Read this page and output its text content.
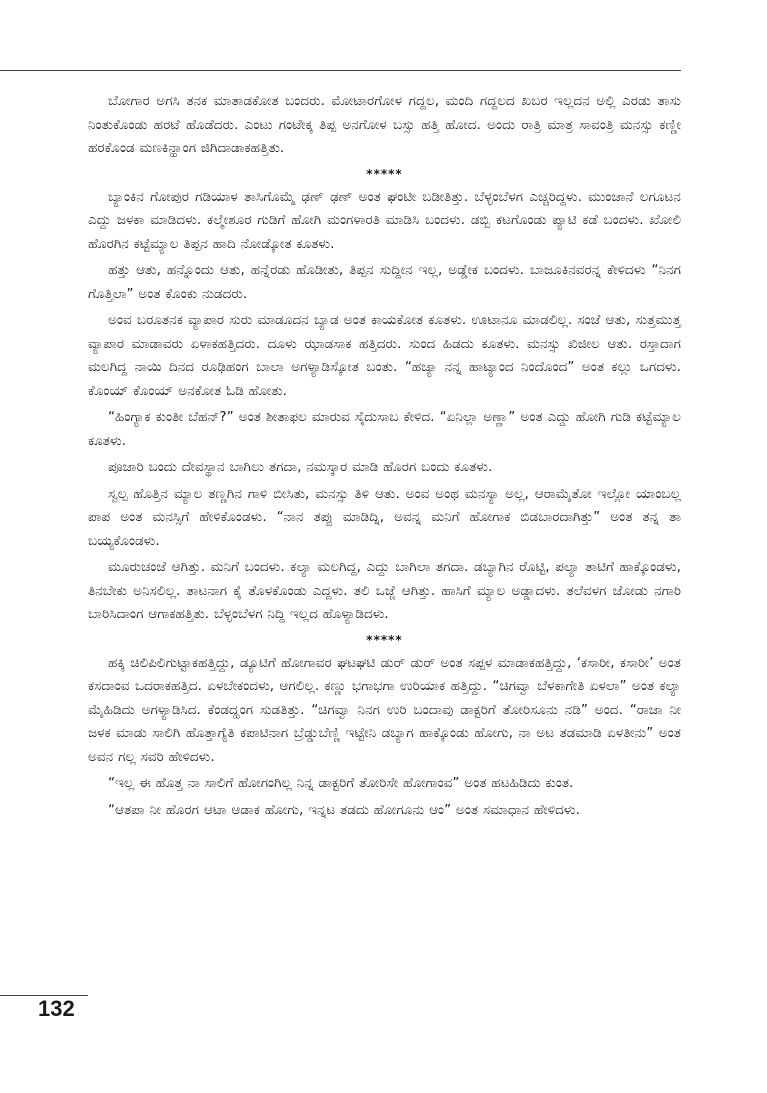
ಬೋಗಾರ ಅಗಸಿ ತನಕ ಮಾತಾಡಕೋತ ಬಂದರು. ಮೋಟಾರಗೋಳ ಗದ್ದಲ, ಮಂದಿ ಗದ್ದಲದ ಖಬರ ಇಲ್ಲದನ ಅಲ್ಲಿ ಎರಡು ತಾಸು ನಿಂತುಕೊಂಡು ಹರಟೆ ಹೊಡೆದರು. ಎಂಟು ಗಂಟೇಕ್ಕ ತಿಪ್ಪ ಅನಗೋಳ ಬಸ್ಸು ಹತ್ತಿ ಹೋದ. ಅಂದು ರಾತ್ರಿ ಮಾತ್ರ ಸಾವಂತ್ರಿ ಮನಸ್ಸು ಕಣ್ಣೀ ಹರಕೊಂಡ ಮಣಕಿನ್ಹಾಂಗ ಜಿಗಿದಾಡಾಕಹತ್ತಿತು.

*****

ಬ್ಯಾಂಕಿನ ಗೋಪುರ ಗಡಿಯಾಳ ತಾಸಿಗೊಮ್ಮೆ ಢಣ್ ಢಣ್ ಅಂತ ಘಂಟೀ ಬಡೀತಿತ್ತು. ಬೆಳ್ಳಂಬೆಳಗ ಎಚ್ಚರಿದ್ದಳು. ಮುಂಜಾನೆ ಲಗೂಟನ ಎದ್ದು ಜಳಕಾ ಮಾಡಿದಳು. ಕಲ್ಮೇಶೂರ ಗುಡಿಗೆ ಹೋಗಿ ಮಂಗಳಾರತಿ ಮಾಡಿಸಿ ಬಂದಳು. ಡಬ್ಬಿ ಕಟಗೊಂಡು ಪ್ಯಾಟಿ ಕಡೆ ಬಂದಳು. ಖೋಲಿ ಹೊರಗಿನ ಕಟ್ಟೆಮ್ಯಾಲ ತಿಪ್ಪನ ಹಾದಿ ನೋಡ್ಕೋತ ಕೂತಳು.

ಹತ್ತು ಆತು, ಹನ್ನೊಂದು ಆತು, ಹನ್ನೆರಡು ಹೊಡೀತು, ತಿಪ್ಪನ ಸುದ್ದೀನ ಇಲ್ಲ, ಅಡ್ಡೇಕ ಬಂದಳು. ಬಾಜೂಕಿನವರನ್ನ ಕೇಳಿದಳು “ನಿನಗ ಗೊತ್ತಿಲಾ” ಅಂತ ಕೊಂಕು ನುಡದರು.

ಅಂವ ಬರೂತನಕ ವ್ಯಾಪಾರ ಸುರು ಮಾಡೂದನ ಬ್ಯಾಡ ಅಂತ ಕಾಯಕೋತ ಕೂತಳು. ಊಟಾನೂ ಮಾಡಲಿಲ್ಲ. ಸಂಜೆ ಆತು, ಸುತ್ತಮುತ್ತ ವ್ಯಾಪಾರ ಮಾಡಾವರು ಏಳಾಕಹತ್ತಿದರು. ದೂಳು ಝಾಡಸಾಕ ಹತ್ತಿದರು. ಸುಂದ ಹಿಡದು ಕೂತಳು. ಮನಸ್ಸು ಖಿಜೀಲ ಆತು. ರಸ್ತಾದಾಗ ಮಲಗಿದ್ದ ನಾಯಿ ದಿನದ ರೂಢಿಹಂಗ ಬಾಲಾ ಅಗಳ್ಯಾಡಿಸ್ಕೋತ ಬಂತು. “ಹಚ್ಯಾ ನನ್ನ ಹಾಟ್ಯಾಂದ ನಿಂದೊಂದ” ಅಂತ ಕಲ್ಲು ಒಗದಳು. ಕೊಂಯ್ ಕೊಂಯ್ ಅನಕೋತ ಓಡಿ ಹೋತು.

“ಹಿಂಗ್ಯಾಕ ಕುಂತೀ ಬೆಹನ್?” ಅಂತ ಶೀತಾಫಲ ಮಾರುವ ಸೈದುಸಾಬ ಕೇಳಿದ. “ಏನಿಲ್ಲಾ ಅಣ್ಣಾ” ಅಂತ ಎದ್ದು ಹೋಗಿ ಗುಡಿ ಕಟ್ಟೆಮ್ಯಾಲ ಕೂತಳು.

ಪೂಜಾರಿ ಬಂದು ದೇವಸ್ಥಾನ ಬಾಗಿಲು ತಗದಾ, ನಮಸ್ಕಾರ ಮಾಡಿ ಹೊರಗ ಬಂದು ಕೂತಳು.

ಸ್ವಲ್ಪ ಹೊತ್ತಿನ ಮ್ಯಾಲ ತಣ್ಣಗಿನ ಗಾಳಿ ಬೀಸಿತು, ಮನಸ್ಸು ತಿಳಿ ಆತು. ಅಂವ ಅಂಥ ಮನಸ್ಯಾ ಅಲ್ಲ, ಆರಾಮೈತೋ ಇಲ್ಲೋ ಯಾಂಬಲ್ಲ ಪಾಪ ಅಂತ ಮನಸ್ಸಿಗೆ ಹೇಳಿಕೊಂಡಳು. “ನಾನ ತಪ್ಪು ಮಾಡಿದ್ನಿ, ಅವನ್ನ ಮನಿಗೆ ಹೋಗಾಕ ಬಿಡಬಾರದಾಗಿತ್ತು” ಅಂತ ತನ್ನ ತಾ ಬಯ್ಯಕೊಂಡಳು.

ಮೂರುಚಂಜೆ ಆಗಿತ್ತು. ಮನಿಗೆ ಬಂದಳು. ಕಲ್ಯಾ ಮಲಗಿದ್ದ, ಎದ್ದು ಬಾಗಿಲಾ ತಗದಾ. ಡಬ್ಯಾಗಿನ ರೊಟ್ಟಿ, ಪಲ್ಯಾ ತಾಟಿಗೆ ಹಾಕ್ಕೊಂಡಳು, ತಿನಬೇಕು ಅನಿಸಲಿಲ್ಲ. ತಾಟನಾಗ ಕೈ ತೊಳಕೊಂಡು ಎದ್ದಳು. ತಲಿ ಒಜ್ಜೆ ಆಗಿತ್ತು. ಹಾಸಿಗೆ ಮ್ಯಾಲ ಅಡ್ಡಾದಳು. ತಲೆವಳಗ ಜೋಡು ನಗಾರಿ ಬಾರಿಸಿದಾಂಗ ಆಗಾಕಹತ್ತಿತು. ಬೆಳ್ಳಂಬೆಳಗ ನಿದ್ದಿ ಇಲ್ಲದ ಹೊಳ್ಯಾಡಿದಳು.

*****

ಹಕ್ಕಿ ಚಿಲಿಪಿಲಿಗುಟ್ಟಾಕಹತ್ತಿದ್ದು, ಡ್ಯೂಟಿಗೆ ಹೋಗಾವರ ಘಟಘಟಿ ಡುರ್ ಡುರ್ ಅಂತ ಸಪ್ಪಳ ಮಾಡಾಕಹತ್ತಿದ್ದು, ‘ಕಸಾರೀ, ಕಸಾರೀ’ ಅಂತ ಕಸದಾಂವ ಒದರಾಕಹತ್ತಿದ. ಏಳಬೇಕಂದಳು, ಆಗಲಿಲ್ಲ. ಕಣ್ಣು ಭಗಾಭಗಾ ಉರಿಯಾಕ ಹತ್ತಿದ್ದು. “ಚಿಗವ್ವಾ ಬೆಳಕಾಗೇತಿ ಏಳಲಾ” ಅಂತ ಕಲ್ಯಾ ಮೈಹಿಡಿದು ಅಗಳ್ಯಾಡಿಸಿದ. ಕೆಂಡದ್ಹಂಗ ಸುಡತಿತ್ತು. “ಚಿಗವ್ವಾ ನಿನಗ ಉರಿ ಬಂದಾವು ಡಾಕ್ಟರಿಗೆ ತೋರಿಸೂನು ನಡಿ” ಅಂದ. “ರಾಜಾ ನೀ ಜಳಕ ಮಾಡು ಸಾಲಿಗಿ ಹೊತ್ತಾಗ್ಯೆತಿ ಕಪಾಟಿನಾಗ ಬ್ರೆಡ್ಡುಬೆಣ್ಣಿ ಇಟ್ಟೇನಿ ಡಬ್ಯಾಗ ಹಾಕ್ಕೊಂಡು ಹೋಗು, ನಾ ಅಟ ತಡಮಾಡಿ ಏಳತೀನು” ಅಂತ ಅವನ ಗಲ್ಲ ಸವರಿ ಹೇಳಿದಳು.

“ಇಲ್ಲ ಈ ಹೊತ್ತ ನಾ ಸಾಲಿಗೆ ಹೋಗಂಗಿಲ್ಲ ನಿನ್ನ ಡಾಕ್ಟರಿಗೆ ತೋರಿಸೇ ಹೋಗಾಂವ” ಅಂತ ಹಟಹಿಡಿದು ಕುಂತ.

“ಆತಪಾ ನೀ ಹೊರಗ ಆಟಾ ಆಡಾಕ ಹೋಗು, ಇನ್ನಟ ತಡದು ಹೋಗೂನು ಆಂ” ಅಂತ ಸಮಾಧಾನ ಹೇಳಿದಳು.

132
